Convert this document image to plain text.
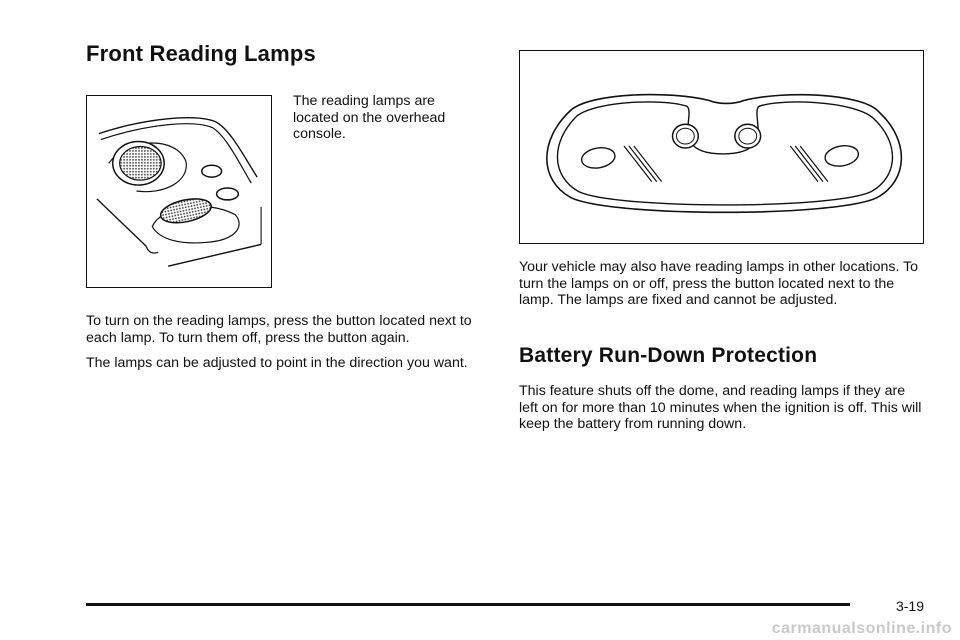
Front Reading Lamps

The reading lamps are located on the overhead console.

To turn on the reading lamps, press the button located next to each lamp. To turn them off, press the button again.

The lamps can be adjusted to point in the direction you want.

Your vehicle may also have reading lamps in other locations. To turn the lamps on or off, press the button located next to the lamp. The lamps are fixed and cannot be adjusted.

Battery Run-Down Protection

This feature shuts off the dome, and reading lamps if they are left on for more than 10 minutes when the ignition is off. This will keep the battery from running down.

3-19
carmanualsonline.info
